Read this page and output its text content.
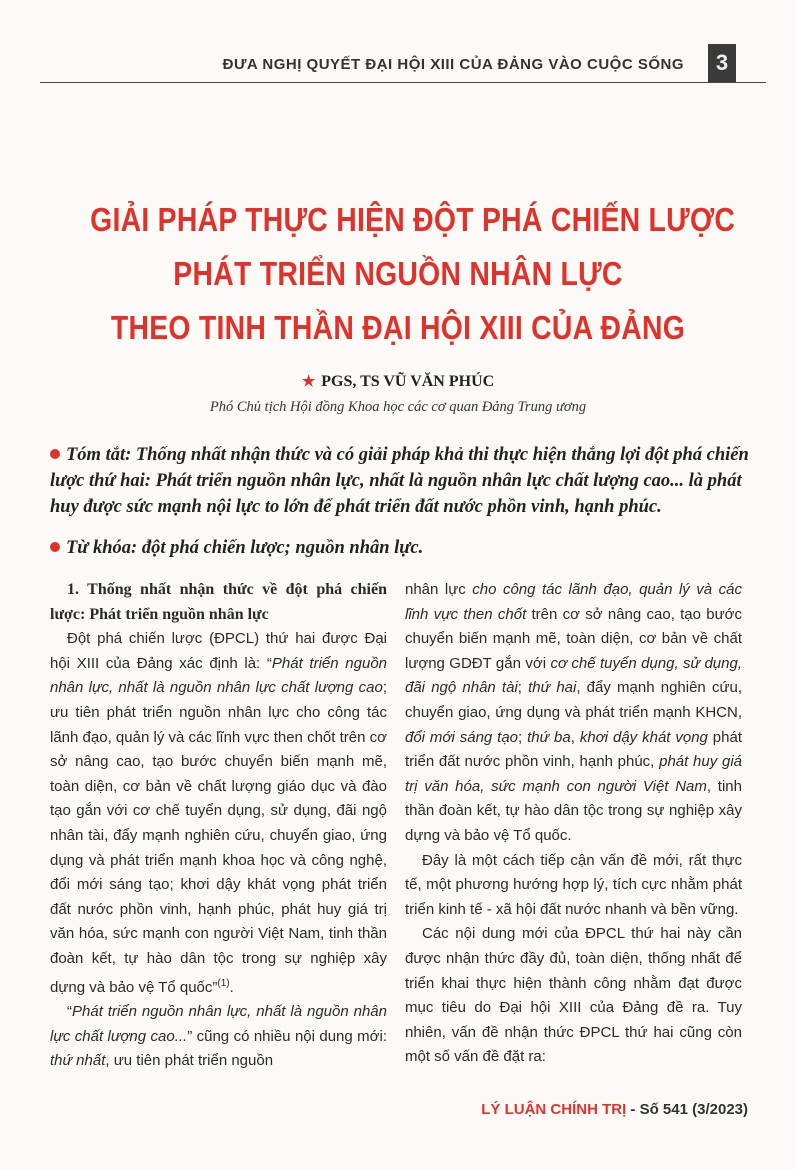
ĐƯA NGHỊ QUYẾT ĐẠI HỘI XIII CỦA ĐẢNG VÀO CUỘC SỐNG	3
GIẢI PHÁP THỰC HIỆN ĐỘT PHÁ CHIẾN LƯỢC
PHÁT TRIỂN NGUỒN NHÂN LỰC
THEO TINH THẦN ĐẠI HỘI XIII CỦA ĐẢNG
★ PGS, TS VŨ VĂN PHÚC
Phó Chủ tịch Hội đồng Khoa học các cơ quan Đảng Trung ương

Tóm tắt: Thống nhất nhận thức và có giải pháp khả thi thực hiện thắng lợi đột phá chiến lược thứ hai: Phát triển nguồn nhân lực, nhất là nguồn nhân lực chất lượng cao... là phát huy được sức mạnh nội lực to lớn để phát triển đất nước phồn vinh, hạnh phúc.

Từ khóa: đột phá chiến lược; nguồn nhân lực.

1. Thống nhất nhận thức về đột phá chiến lược: Phát triển nguồn nhân lực

Đột phá chiến lược (ĐPCL) thứ hai được Đại hội XIII của Đảng xác định là: “Phát triển nguồn nhân lực, nhất là nguồn nhân lực chất lượng cao; ưu tiên phát triển nguồn nhân lực cho công tác lãnh đạo, quản lý và các lĩnh vực then chốt trên cơ sở nâng cao, tạo bước chuyển biến mạnh mẽ, toàn diện, cơ bản về chất lượng giáo dục và đào tạo gắn với cơ chế tuyển dụng, sử dụng, đãi ngộ nhân tài, đẩy mạnh nghiên cứu, chuyển giao, ứng dụng và phát triển mạnh khoa học và công nghệ, đổi mới sáng tạo; khơi dậy khát vọng phát triển đất nước phồn vinh, hạnh phúc, phát huy giá trị văn hóa, sức mạnh con người Việt Nam, tinh thần đoàn kết, tự hào dân tộc trong sự nghiệp xây dựng và bảo vệ Tổ quốc”$^{(1)}$.

“Phát triển nguồn nhân lực, nhất là nguồn nhân lực chất lượng cao...” cũng có nhiều nội dung mới: thứ nhất, ưu tiên phát triển nguồn

nhân lực cho công tác lãnh đạo, quản lý và các lĩnh vực then chốt trên cơ sở nâng cao, tạo bước chuyển biến mạnh mẽ, toàn diện, cơ bản về chất lượng GDĐT gắn với cơ chế tuyển dụng, sử dụng, đãi ngộ nhân tài; thứ hai, đẩy mạnh nghiên cứu, chuyển giao, ứng dụng và phát triển mạnh KHCN, đổi mới sáng tạo; thứ ba, khơi dậy khát vọng phát triển đất nước phồn vinh, hạnh phúc, phát huy giá trị văn hóa, sức mạnh con người Việt Nam, tinh thần đoàn kết, tự hào dân tộc trong sự nghiệp xây dựng và bảo vệ Tổ quốc.

Đây là một cách tiếp cận vấn đề mới, rất thực tế, một phương hướng hợp lý, tích cực nhằm phát triển kinh tế - xã hội đất nước nhanh và bền vững.

Các nội dung mới của ĐPCL thứ hai này cần được nhận thức đầy đủ, toàn diện, thống nhất để triển khai thực hiện thành công nhằm đạt được mục tiêu do Đại hội XIII của Đảng đề ra. Tuy nhiên, vấn đề nhận thức ĐPCL thứ hai cũng còn một số vấn đề đặt ra:

LÝ LUẬN CHÍNH TRỊ - Số 541 (3/2023)
